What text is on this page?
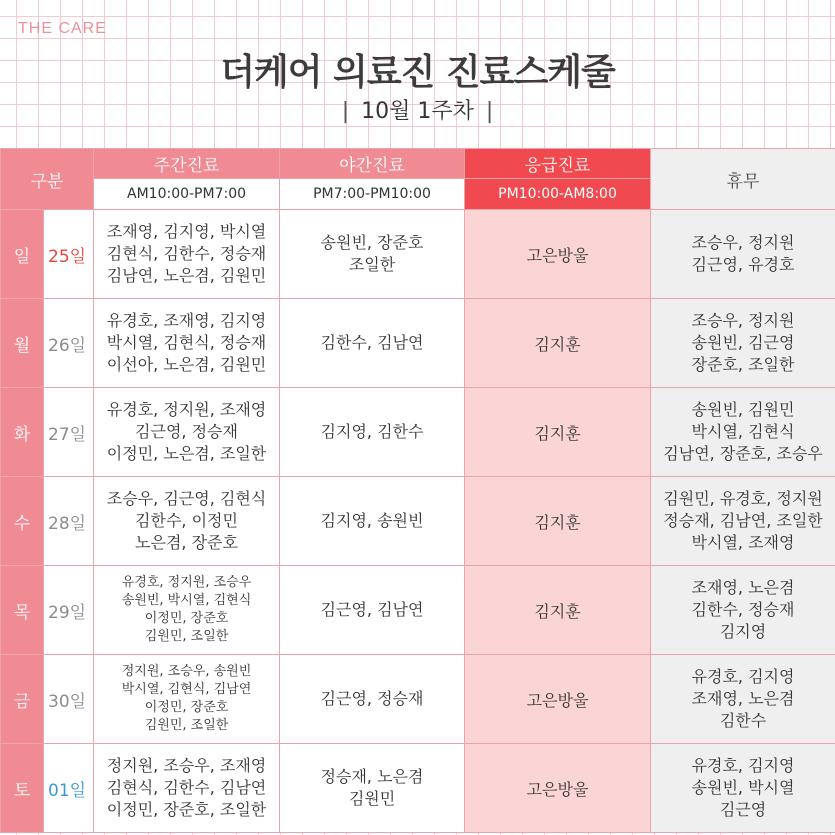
THE CARE
더케어 의료진 진료스케줄
| 10월 1주차 |
구분		주간진료	야간진료	응급진료	휴무
		AM10:00-PM7:00	PM7:00-PM10:00	PM10:00-AM8:00	
일	25일	조재영, 김지영, 박시열
김현식, 김한수, 정승재
김남연, 노은겸, 김원민	송원빈, 장준호
조일한	고은방울	조승우, 정지원
김근영, 유경호

월	26일	유경호, 조재영, 김지영
박시열, 김현식, 정승재
이선아, 노은겸, 김원민	김한수, 김남연	김지훈	조승우, 정지원
송원빈, 김근영
장준호, 조일한

화	27일	유경호, 정지원, 조재영
김근영, 정승재
이정민, 노은겸, 조일한	김지영, 김한수	김지훈	송원빈, 김원민
박시열, 김현식
김남연, 장준호, 조승우

수	28일	조승우, 김근영, 김현식
김한수, 이정민
노은겸, 장준호	김지영, 송원빈	김지훈	김원민, 유경호, 정지원
정승재, 김남연, 조일한
박시열, 조재영

목	29일	유경호, 정지원, 조승우
송원빈, 박시열, 김현식
이정민, 장준호
김원민, 조일한	김근영, 김남연	김지훈	조재영, 노은겸
김한수, 정승재
김지영

금	30일	정지원, 조승우, 송원빈
박시열, 김현식, 김남연
이정민, 장준호
김원민, 조일한	김근영, 정승재	고은방울	유경호, 김지영
조재영, 노은겸
김한수

토	01일	정지원, 조승우, 조재영
김현식, 김한수, 김남연
이정민, 장준호, 조일한	정승재, 노은겸
김원민	고은방울	유경호, 김지영
송원빈, 박시열
김근영
